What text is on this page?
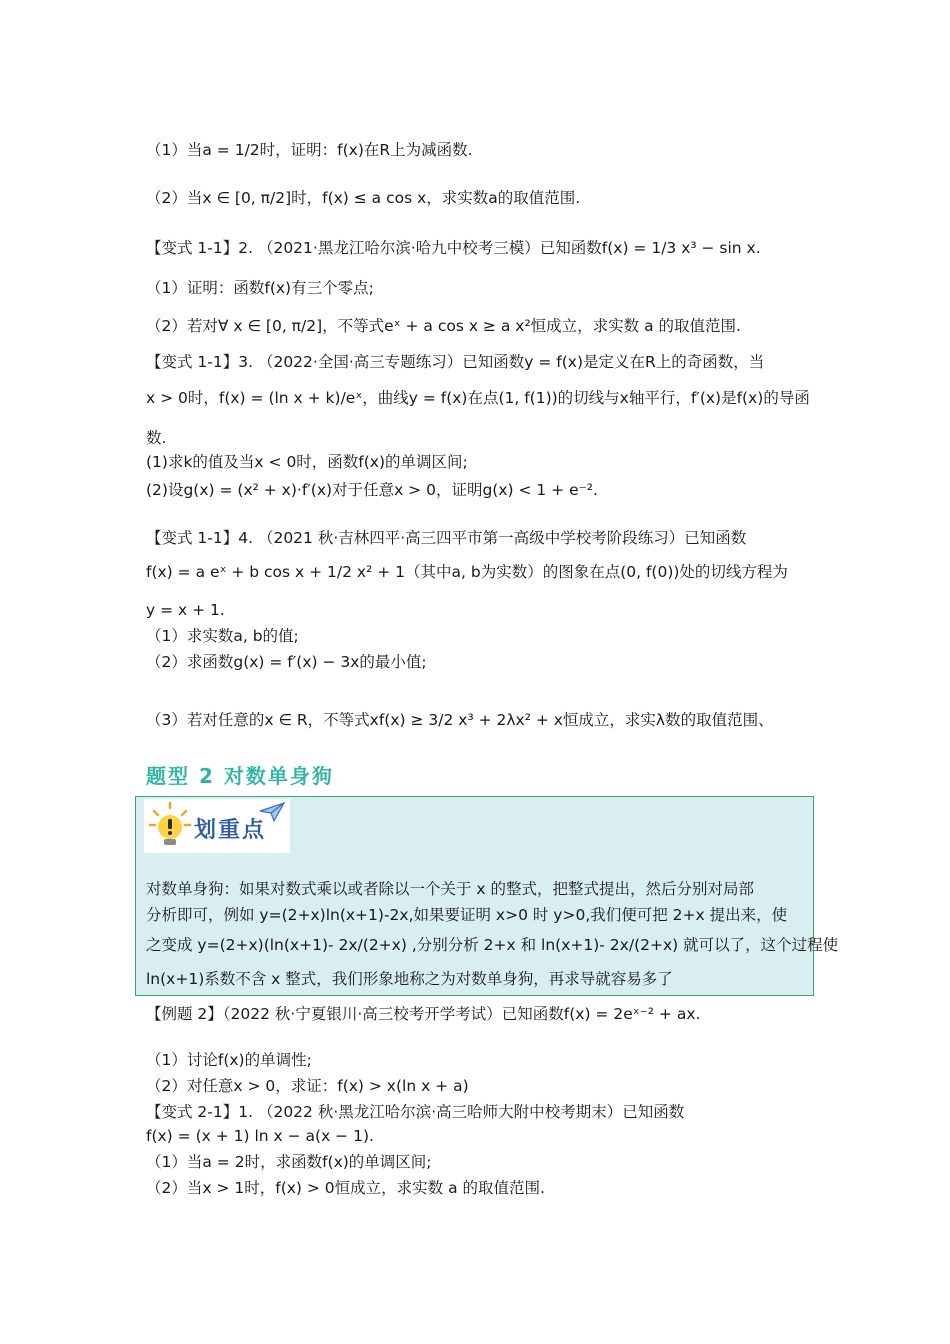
（1）当a = 1/2时，证明：f(x)在R上为减函数.
（2）当x ∈ [0, π/2]时，f(x) ≤ a cos x，求实数a的取值范围.
【变式 1-1】2. （2021·黑龙江哈尔滨·哈九中校考三模）已知函数f(x) = 1/3 x³ − sin x.
（1）证明：函数f(x)有三个零点;
（2）若对∀ x ∈ [0, π/2]，不等式eˣ + a cos x ≥ a x²恒成立，求实数 a 的取值范围.
【变式 1-1】3. （2022·全国·高三专题练习）已知函数y = f(x)是定义在R上的奇函数，当
x > 0时，f(x) = (ln x + k)/eˣ，曲线y = f(x)在点(1, f(1))的切线与x轴平行，f′(x)是f(x)的导函
数.
(1)求k的值及当x < 0时，函数f(x)的单调区间;
(2)设g(x) = (x² + x)·f′(x)对于任意x > 0，证明g(x) < 1 + e⁻².
【变式 1-1】4. （2021 秋·吉林四平·高三四平市第一高级中学校考阶段练习）已知函数
f(x) = a eˣ + b cos x + 1/2 x² + 1（其中a, b为实数）的图象在点(0, f(0))处的切线方程为
y = x + 1.
（1）求实数a, b的值;
（2）求函数g(x) = f′(x) − 3x的最小值;
（3）若对任意的x ∈ R，不等式xf(x) ≥ 3/2 x³ + 2λx² + x恒成立，求实λ数的取值范围、
题型 2 对数单身狗
划重点
对数单身狗：如果对数式乘以或者除以一个关于 x 的整式，把整式提出，然后分别对局部
分析即可，例如 y=(2+x)ln(x+1)-2x,如果要证明 x>0 时 y>0,我们便可把 2+x 提出来，使
之变成 y=(2+x)(ln(x+1)- 2x/(2+x) ,分别分析 2+x 和 ln(x+1)- 2x/(2+x) 就可以了，这个过程使
ln(x+1)系数不含 x 整式，我们形象地称之为对数单身狗，再求导就容易多了
【例题 2】（2022 秋·宁夏银川·高三校考开学考试）已知函数f(x) = 2eˣ⁻² + ax.
（1）讨论f(x)的单调性;
（2）对任意x > 0，求证：f(x) > x(ln x + a)
【变式 2-1】1. （2022 秋·黑龙江哈尔滨·高三哈师大附中校考期末）已知函数
f(x) = (x + 1) ln x − a(x − 1).
（1）当a = 2时，求函数f(x)的单调区间;
（2）当x > 1时，f(x) > 0恒成立，求实数 a 的取值范围.
